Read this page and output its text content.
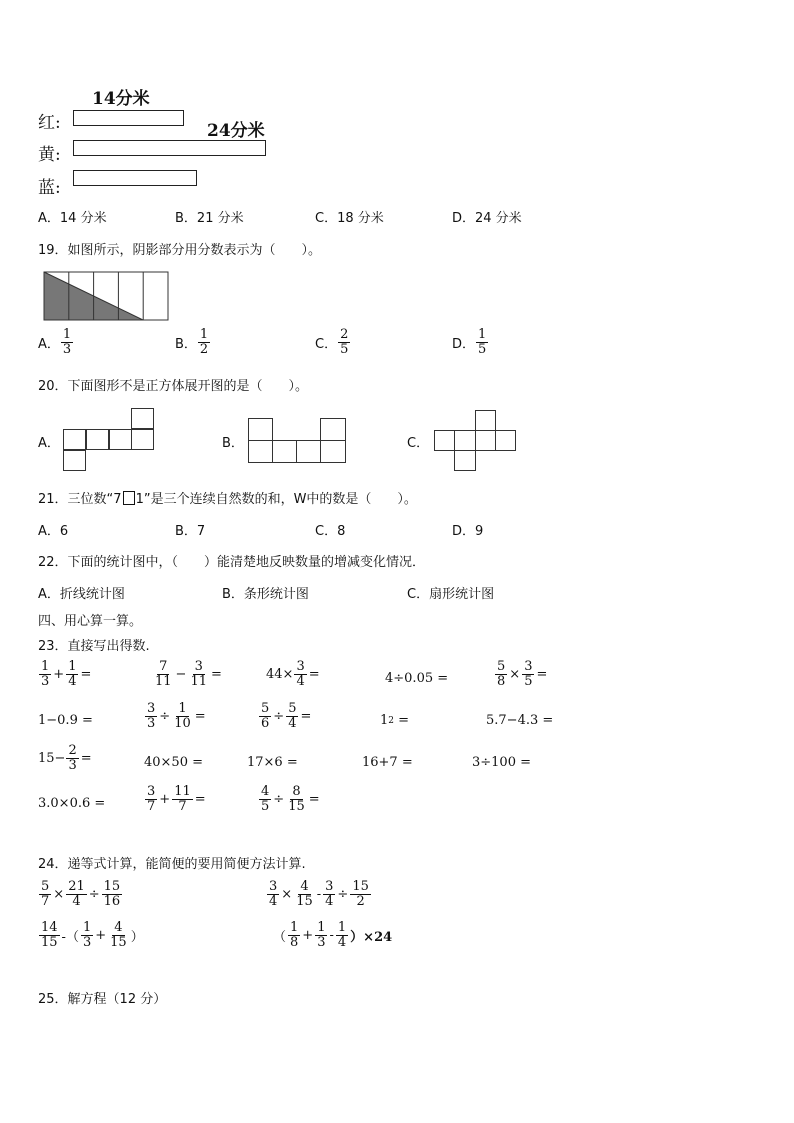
14分米
红:	24分米
黄:
蓝:
A．14 分米	B．21 分米	C．18 分米	D．24 分米
19．如图所示，阴影部分用分数表示为（　　）。
A． $\frac{1}{3}$	B． $\frac{1}{2}$	C． $\frac{2}{5}$	D． $\frac{1}{5}$
20．下面图形不是正方体展开图的是（　　）。
A．	B．	C．
21．三位数“7 1”是三个连续自然数的和，W中的数是（　　）。
A．6	B．7	C．8	D．9
22．下面的统计图中，（　　）能清楚地反映数量的增减变化情况．
A．折线统计图	B．条形统计图	C．扇形统计图
四、用心算一算。
23．直接写出得数.
$\frac{1}{3} + \frac{1}{4}$ =	$\frac{7}{11} - \frac{3}{11}$ =	$44\times \frac{3}{4}$ =	4÷0.05 =	$\frac{5}{8} \times \frac{3}{5}$ =
1−0.9 =	$\frac{3}{3} \div \frac{1}{10}$ =	$\frac{5}{6} \div \frac{5}{4}$ =	1 2 =	5.7−4.3 =
$15- \frac{2}{3}$ =	40×50 =	17×6 =	16+7 =	3÷100 =
3.0×0.6 =	$\frac{3}{7} + \frac{11}{7}$ =	$\frac{4}{5} \div \frac{8}{15}$ =
24．递等式计算，能简便的要用简便方法计算.
$\frac{5}{7} \times \frac{21}{4} \div \frac{15}{16}$	$\frac{3}{4} \times \frac{4}{15} - \frac{3}{4} \div \frac{15}{2}$
$\frac{14}{15}$ -（ $\frac{1}{3} + \frac{4}{15}$ ）	（ $\frac{1}{8} + \frac{1}{3} - \frac{1}{4} )\times 24$
25．解方程（12 分）
